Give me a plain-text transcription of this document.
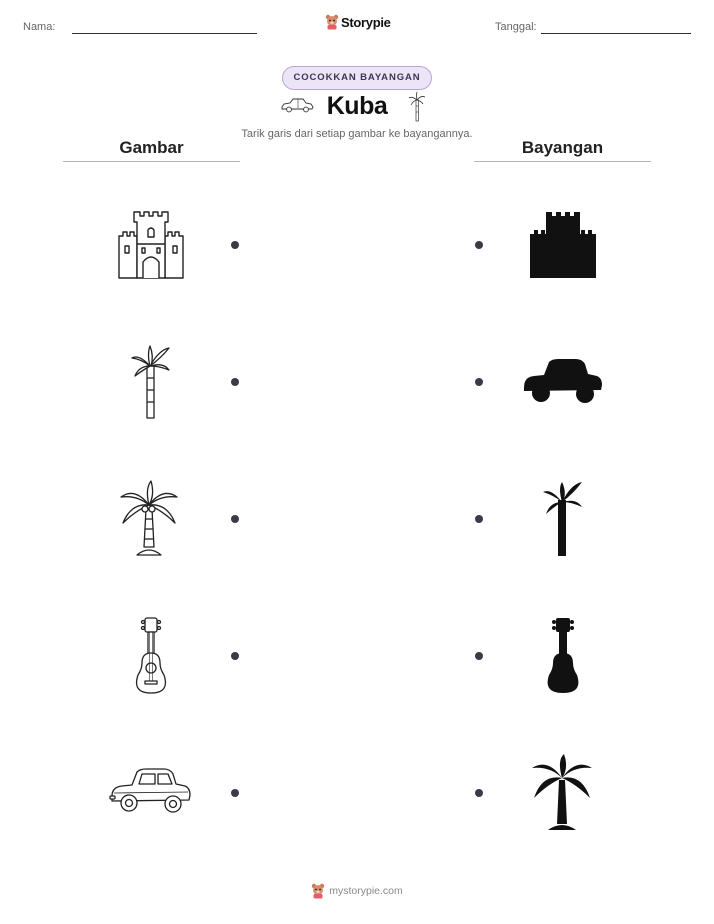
Nama:	Storypie	Tanggal:
COCOKKAN BAYANGAN
Kuba
Tarik garis dari setiap gambar ke bayangannya.
Gambar	Bayangan
mystorypie.com
